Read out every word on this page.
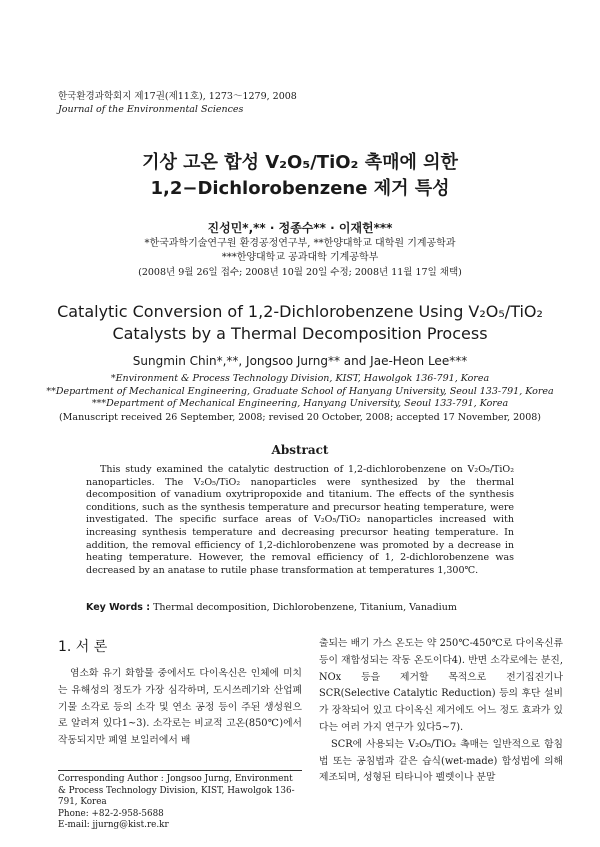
한국환경과학회지 제17권(제11호), 1273～1279, 2008
Journal of the Environmental Sciences
기상 고온 합성 V₂O₅/TiO₂ 촉매에 의한
1,2−Dichlorobenzene 제거 특성
진성민*,** · 정종수** · 이재헌***
*한국과학기술연구원 환경공정연구부, **한양대학교 대학원 기계공학과
***한양대학교 공과대학 기계공학부
(2008년 9월 26일 접수; 2008년 10월 20일 수정; 2008년 11월 17일 채택)
Catalytic Conversion of 1,2-Dichlorobenzene Using V₂O₅/TiO₂
Catalysts by a Thermal Decomposition Process
Sungmin Chin*,**, Jongsoo Jurng** and Jae-Heon Lee***
*Environment & Process Technology Division, KIST, Hawolgok 136-791, Korea
**Department of Mechanical Engineering, Graduate School of Hanyang University, Seoul 133-791, Korea
***Department of Mechanical Engineering, Hanyang University, Seoul 133-791, Korea
(Manuscript received 26 September, 2008; revised 20 October, 2008; accepted 17 November, 2008)
Abstract
This study examined the catalytic destruction of 1,2-dichlorobenzene on V₂O₅/TiO₂ nanoparticles. The V₂O₅/TiO₂ nanoparticles were synthesized by the thermal decomposition of vanadium oxytripropoxide and titanium. The effects of the synthesis conditions, such as the synthesis temperature and precursor heating temperature, were investigated. The specific surface areas of V₂O₅/TiO₂ nanoparticles increased with increasing synthesis temperature and decreasing precursor heating temperature. In addition, the removal efficiency of 1,2-dichlorobenzene was promoted by a decrease in heating temperature. However, the removal efficiency of 1, 2-dichlorobenzene was decreased by an anatase to rutile phase transformation at temperatures 1,300℃.
Key Words : Thermal decomposition, Dichlorobenzene, Titanium, Vanadium
1. 서 론

염소화 유기 화합물 중에서도 다이옥신은 인체에 미치는 유해성의 정도가 가장 심각하며, 도시쓰레기와 산업폐기물 소각로 등의 소각 및 연소 공정 등이 주된 생성원으로 알려져 있다1~3). 소각로는 비교적 고온(850℃)에서 작동되지만 폐열 보일러에서 배

출되는 배기 가스 온도는 약 250℃-450℃로 다이옥신류 등이 재합성되는 작동 온도이다4). 반면 소각로에는 분진, NOx 등을 제거할 목적으로 전기집진기나 SCR(Selective Catalytic Reduction) 등의 후단 설비가 장착되어 있고 다이옥신 제거에도 어느 정도 효과가 있다는 여러 가지 연구가 있다5~7).

SCR에 사용되는 V₂O₅/TiO₂ 촉매는 일반적으로 함침법 또는 공침법과 같은 습식(wet-made) 합성법에 의해 제조되며, 성형된 티타니아 펠렛이나 분말

Corresponding Author : Jongsoo Jurng, Environment & Process Technology Division, KIST, Hawolgok 136-791, Korea
Phone: +82-2-958-5688
E-mail: jjurng@kist.re.kr
